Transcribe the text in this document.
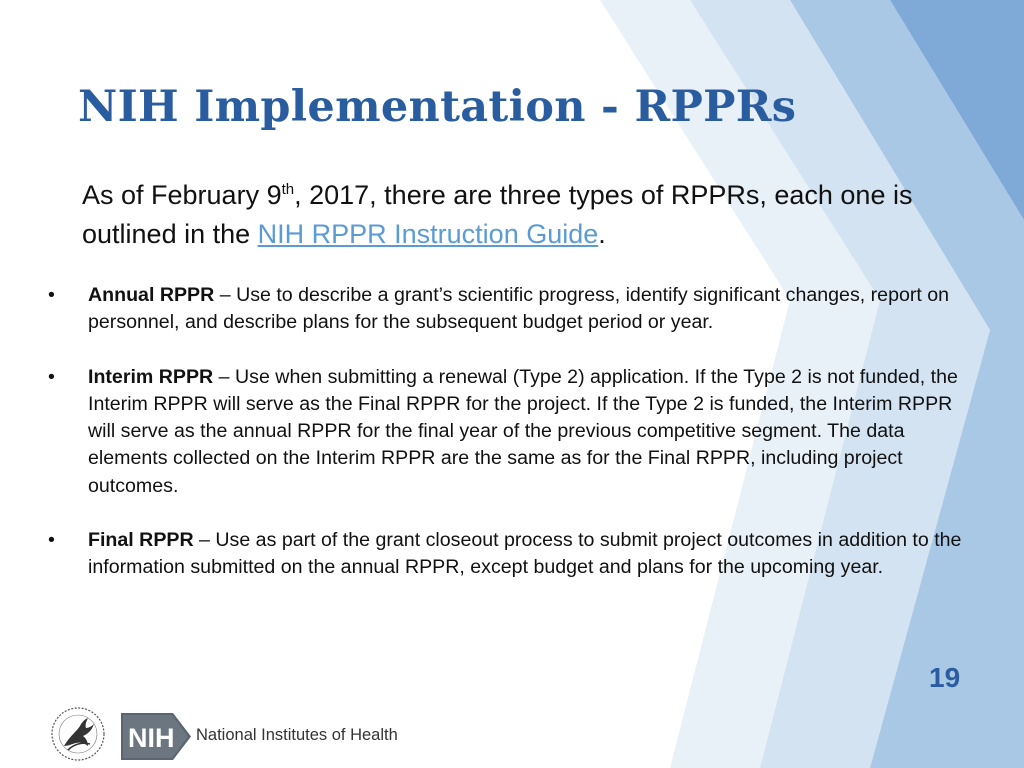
NIH Implementation - RPPRs

As of February 9th, 2017, there are three types of RPPRs, each one is outlined in the NIH RPPR Instruction Guide.

• Annual RPPR – Use to describe a grant’s scientific progress, identify significant changes, report on personnel, and describe plans for the subsequent budget period or year.
• Interim RPPR – Use when submitting a renewal (Type 2) application. If the Type 2 is not funded, the Interim RPPR will serve as the Final RPPR for the project. If the Type 2 is funded, the Interim RPPR will serve as the annual RPPR for the final year of the previous competitive segment. The data elements collected on the Interim RPPR are the same as for the Final RPPR, including project outcomes.
• Final RPPR – Use as part of the grant closeout process to submit project outcomes in addition to the information submitted on the annual RPPR, except budget and plans for the upcoming year.
19
NIH National Institutes of Health
